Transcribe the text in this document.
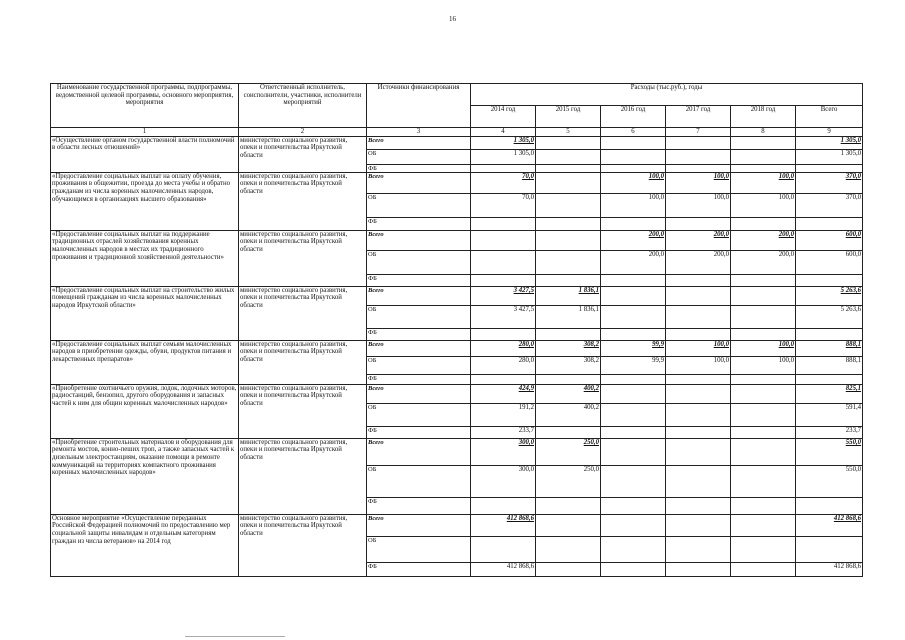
16
Наименование государственной программы, подпрограммы, ведомственной целевой программы, основного мероприятия, мероприятия	Ответственный исполнитель, соисполнители, участники, исполнители мероприятий	Источники финансирования	Расходы (тыс.руб.), годы					
			2014 год	2015 год	2016 год	2017 год	2018 год	Всего
1	2	3	4	5	6	7	8	9
«Осуществление органом государственной власти полномочий в области лесных отношений»	министерство социального развития, опеки и попечительства Иркутской области	Всего	1 305,0					1 305,0
		ОБ	1 305,0					1 305,0
		ФБ						
«Предоставление социальных выплат на оплату обучения, проживания в общежитии, проезда до места учебы и обратно гражданам из числа коренных малочисленных народов, обучающимся в организациях высшего образования»	министерство социального развития, опеки и попечительства Иркутской области	Всего	70,0		100,0	100,0	100,0	370,0
		ОБ	70,0		100,0	100,0	100,0	370,0
		ФБ						
«Предоставление социальных выплат на поддержание традиционных отраслей хозяйствования коренных малочисленных народов в местах их традиционного проживания и традиционной хозяйственной деятельности»	министерство социального развития, опеки и попечительства Иркутской области	Всего			200,0	200,0	200,0	600,0
		ОБ			200,0	200,0	200,0	600,0
		ФБ						
«Предоставление социальных выплат на строительство жилых помещений гражданам из числа коренных малочисленных народов Иркутской области»	министерство социального развития, опеки и попечительства Иркутской области	Всего	3 427,5	1 836,1				5 263,6
		ОБ	3 427,5	1 836,1				5 263,6
		ФБ						
«Предоставление социальных выплат семьям малочисленных народов в приобретении одежды, обуви, продуктов питания и лекарственных препаратов»	министерство социального развития, опеки и попечительства Иркутской области	Всего	280,0	308,2	99,9	100,0	100,0	888,1
		ОБ	280,0	308,2	99,9	100,0	100,0	888,1
		ФБ						
«Приобретение охотничьего оружия, лодок, лодочных моторов, радиостанций, бензопил, другого оборудования и запасных частей к ним для общин коренных малочисленных народов»	министерство социального развития, опеки и попечительства Иркутской области	Всего	424,9	400,2				825,1
		ОБ	191,2	400,2				591,4
		ФБ	233,7					233,7
«Приобретение строительных материалов и оборудования для ремонта мостов, конно-пеших троп, а также запасных частей к дизельным электростанциям, оказание помощи в ремонте коммуникаций на территориях компактного проживания коренных малочисленных народов»	министерство социального развития, опеки и попечительства Иркутской области	Всего	300,0	250,0				550,0
		ОБ	300,0	250,0				550,0
		ФБ						
Основное мероприятие «Осуществление переданных Российской Федерацией полномочий по предоставлению мер социальной защиты инвалидам и отдельным категориям граждан из числа ветеранов» на 2014 год	министерство социального развития, опеки и попечительства Иркутской области	Всего	412 868,6					412 868,6
		ОБ						
		ФБ	412 868,6					412 868,6
